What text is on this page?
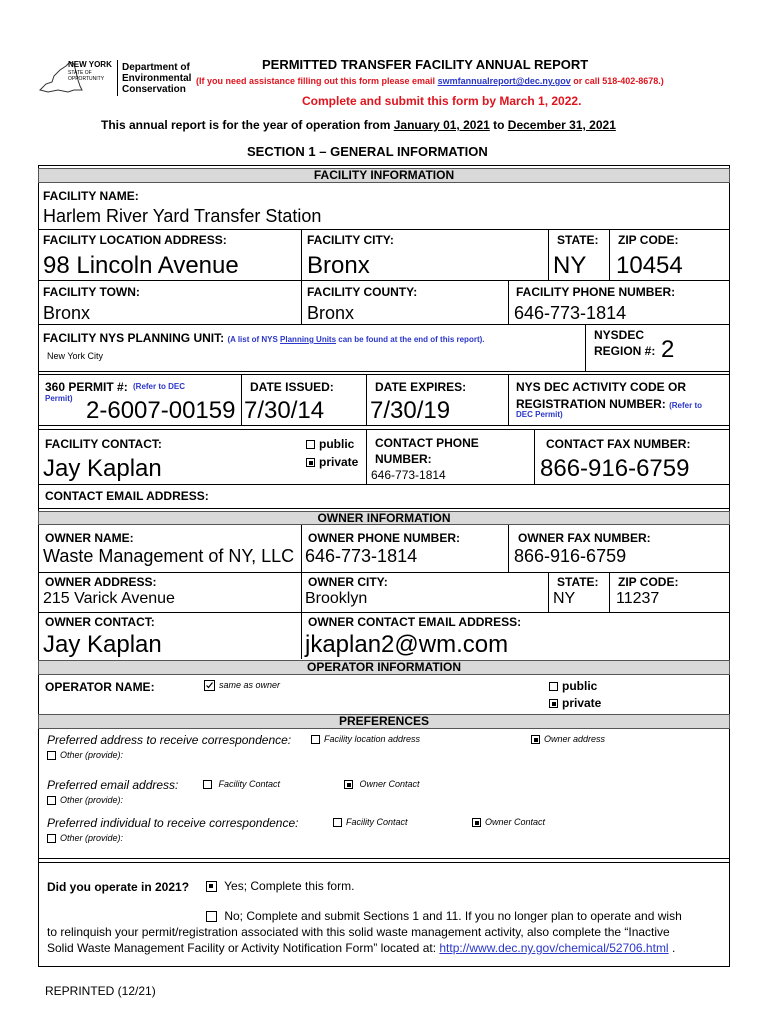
NEW YORK
STATE OF OPPORTUNITY
Department of
Environmental
Conservation
PERMITTED TRANSFER FACILITY ANNUAL REPORT
(If you need assistance filling out this form please email swmfannualreport@dec.ny.gov or call 518-402-8678.)
Complete and submit this form by March 1, 2022.
This annual report is for the year of operation from January 01, 2021 to December 31, 2021
SECTION 1 – GENERAL INFORMATION
FACILITY INFORMATION
FACILITY NAME:
Harlem River Yard Transfer Station
FACILITY LOCATION ADDRESS:
98 Lincoln Avenue
FACILITY CITY:
Bronx
STATE:
NY
ZIP CODE:
10454
FACILITY TOWN:
Bronx
FACILITY COUNTY:
Bronx
FACILITY PHONE NUMBER:
646-773-1814
FACILITY NYS PLANNING UNIT: (A list of NYS Planning Units can be found at the end of this report).
New York City
NYSDEC
REGION #: 2
360 PERMIT #: (Refer to DEC
Permit) 2-6007-00159
DATE ISSUED:
7/30/14
DATE EXPIRES:
7/30/19
NYS DEC ACTIVITY CODE OR
REGISTRATION NUMBER: (Refer to
DEC Permit)
FACILITY CONTACT:
Jay Kaplan
public
private
CONTACT PHONE
NUMBER:
646-773-1814
CONTACT FAX NUMBER:
866-916-6759
CONTACT EMAIL ADDRESS:
OWNER INFORMATION
OWNER NAME:
Waste Management of NY, LLC
OWNER PHONE NUMBER:
646-773-1814
OWNER FAX NUMBER:
866-916-6759
OWNER ADDRESS:
215 Varick Avenue
OWNER CITY:
Brooklyn
STATE:
NY
ZIP CODE:
11237
OWNER CONTACT:
Jay Kaplan
OWNER CONTACT EMAIL ADDRESS:
jkaplan2@wm.com
OPERATOR INFORMATION
OPERATOR NAME:	same as owner	public
private
PREFERENCES
Preferred address to receive correspondence:	Facility location address	Owner address
Other (provide):
Preferred email address:	Facility Contact	Owner Contact
Other (provide):
Preferred individual to receive correspondence:	Facility Contact	Owner Contact
Other (provide):
Did you operate in 2021?	Yes; Complete this form.
No; Complete and submit Sections 1 and 11. If you no longer plan to operate and wish
to relinquish your permit/registration associated with this solid waste management activity, also complete the “Inactive
Solid Waste Management Facility or Activity Notification Form” located at: http://www.dec.ny.gov/chemical/52706.html .
REPRINTED (12/21)
